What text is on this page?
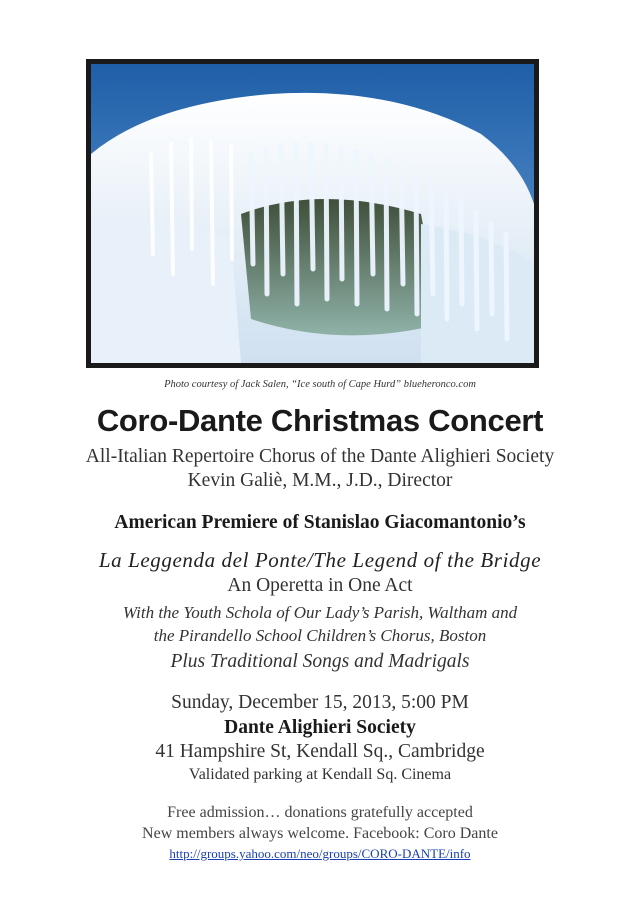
Photo courtesy of Jack Salen, “Ice south of Cape Hurd” blueheronco.com
Coro-Dante Christmas Concert
All-Italian Repertoire Chorus of the Dante Alighieri Society
Kevin Galiè, M.M., J.D., Director
American Premiere of Stanislao Giacomantonio’s
La Leggenda del Ponte/The Legend of the Bridge
An Operetta in One Act
With the Youth Schola of Our Lady’s Parish, Waltham and
the Pirandello School Children’s Chorus, Boston
Plus Traditional Songs and Madrigals
Sunday, December 15, 2013, 5:00 PM
Dante Alighieri Society
41 Hampshire St, Kendall Sq., Cambridge
Validated parking at Kendall Sq. Cinema
Free admission… donations gratefully accepted
New members always welcome. Facebook: Coro Dante
http://groups.yahoo.com/neo/groups/CORO-DANTE/info
